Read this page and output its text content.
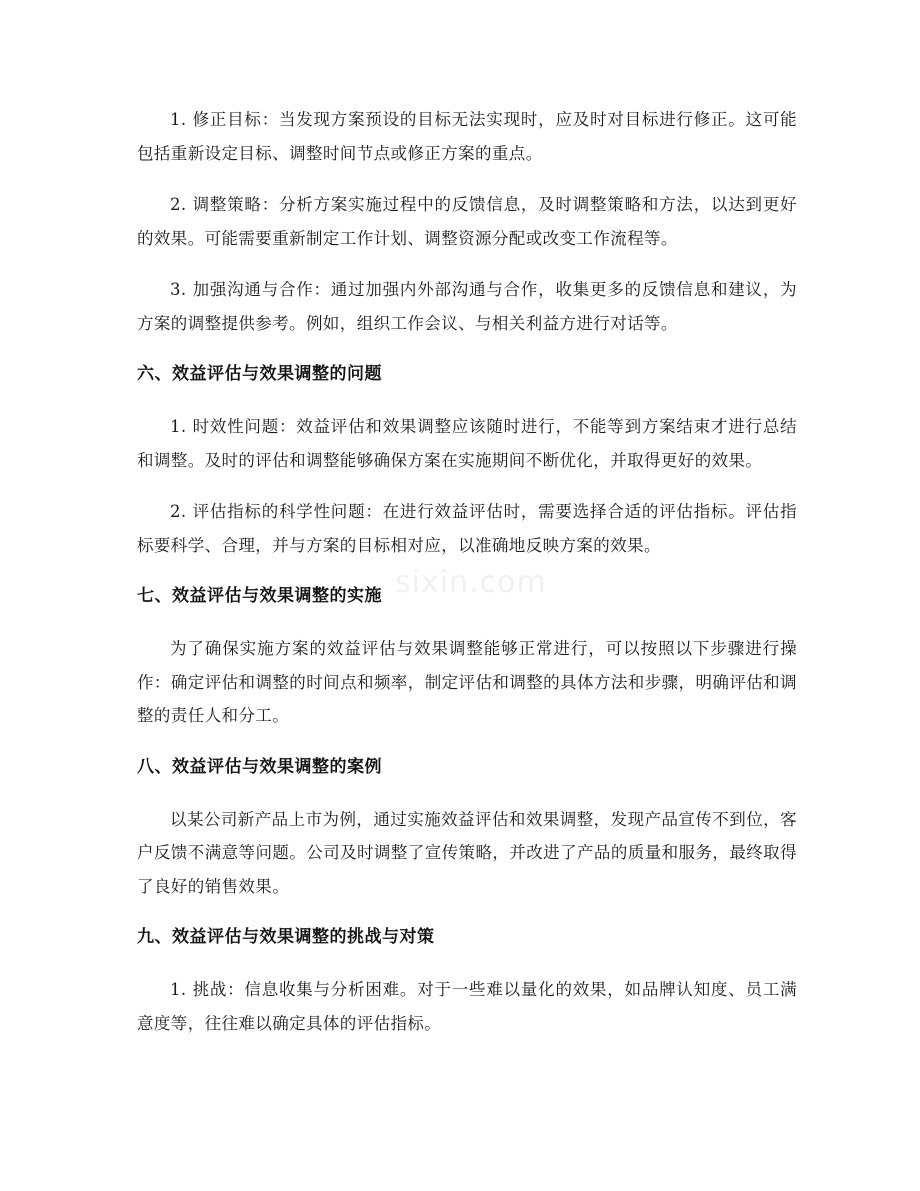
1. 修正目标：当发现方案预设的目标无法实现时，应及时对目标进行修正。这可能包括重新设定目标、调整时间节点或修正方案的重点。

2. 调整策略：分析方案实施过程中的反馈信息，及时调整策略和方法，以达到更好的效果。可能需要重新制定工作计划、调整资源分配或改变工作流程等。

3. 加强沟通与合作：通过加强内外部沟通与合作，收集更多的反馈信息和建议，为方案的调整提供参考。例如，组织工作会议、与相关利益方进行对话等。

六、效益评估与效果调整的问题

1. 时效性问题：效益评估和效果调整应该随时进行，不能等到方案结束才进行总结和调整。及时的评估和调整能够确保方案在实施期间不断优化，并取得更好的效果。

2. 评估指标的科学性问题：在进行效益评估时，需要选择合适的评估指标。评估指标要科学、合理，并与方案的目标相对应，以准确地反映方案的效果。

七、效益评估与效果调整的实施

为了确保实施方案的效益评估与效果调整能够正常进行，可以按照以下步骤进行操作：确定评估和调整的时间点和频率，制定评估和调整的具体方法和步骤，明确评估和调整的责任人和分工。

八、效益评估与效果调整的案例

以某公司新产品上市为例，通过实施效益评估和效果调整，发现产品宣传不到位，客户反馈不满意等问题。公司及时调整了宣传策略，并改进了产品的质量和服务，最终取得了良好的销售效果。

九、效益评估与效果调整的挑战与对策

1. 挑战：信息收集与分析困难。对于一些难以量化的效果，如品牌认知度、员工满意度等，往往难以确定具体的评估指标。

sixin.com
